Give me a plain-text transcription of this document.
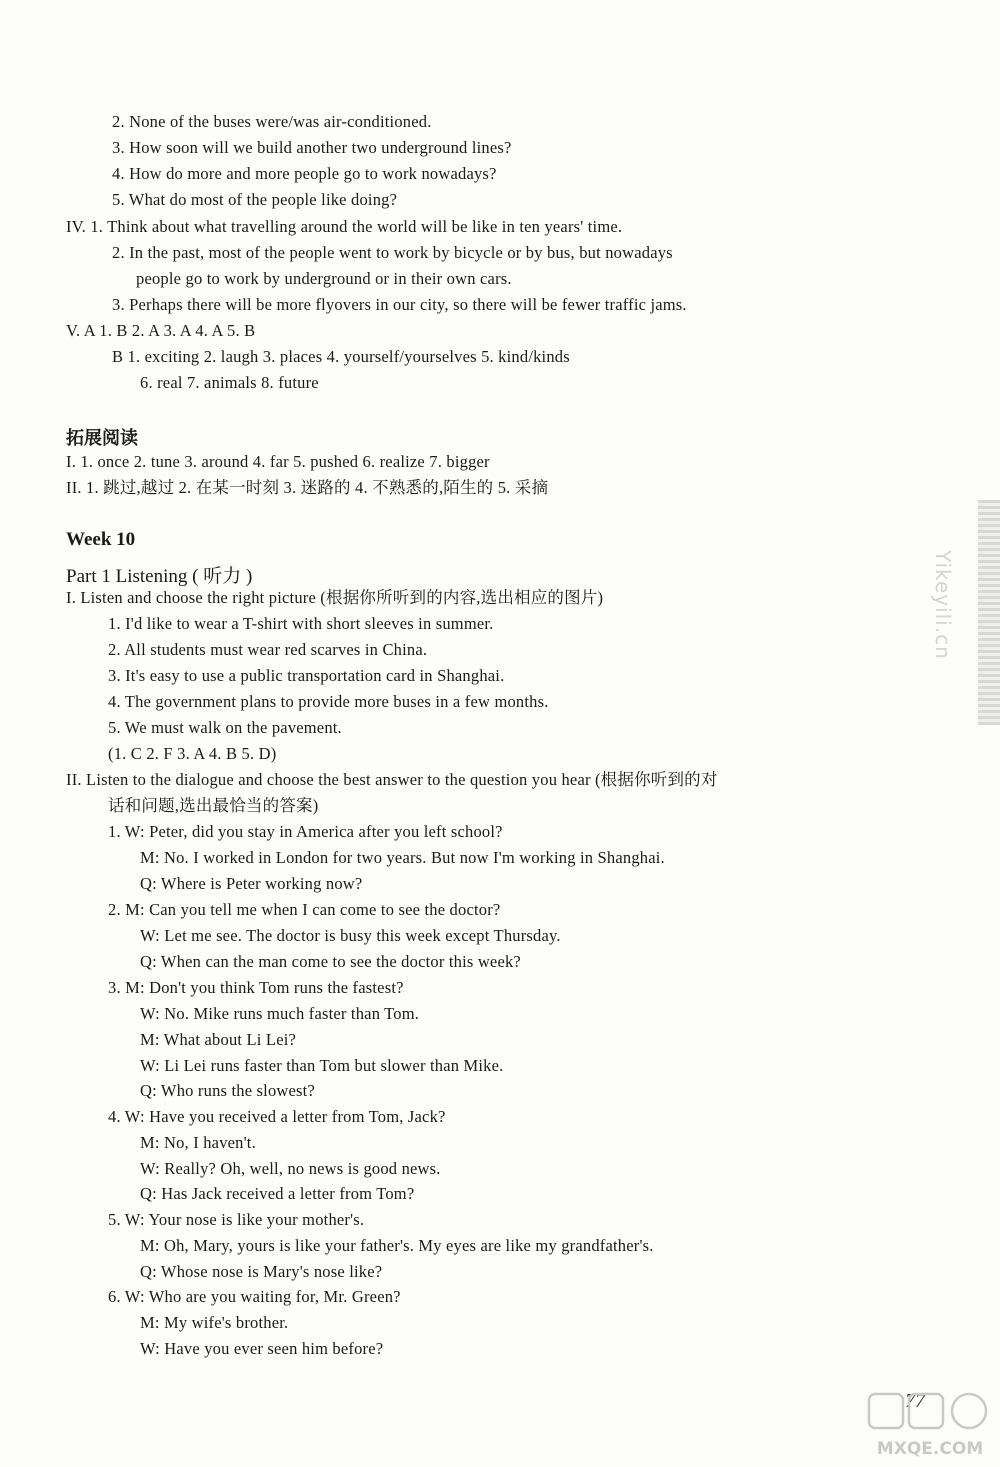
2. None of the buses were/was air-conditioned.
3. How soon will we build another two underground lines?
4. How do more and more people go to work nowadays?
5. What do most of the people like doing?
IV. 1. Think about what travelling around the world will be like in ten years' time.
2. In the past, most of the people went to work by bicycle or by bus, but nowadays
people go to work by underground or in their own cars.
3. Perhaps there will be more flyovers in our city, so there will be fewer traffic jams.
V. A 1. B 2. A 3. A 4. A 5. B
B 1. exciting 2. laugh 3. places 4. yourself/yourselves 5. kind/kinds
6. real 7. animals 8. future
拓展阅读
I. 1. once 2. tune 3. around 4. far 5. pushed 6. realize 7. bigger
II. 1. 跳过,越过 2. 在某一时刻 3. 迷路的 4. 不熟悉的,陌生的 5. 采摘
Week 10
Part 1 Listening ( 听力 )
I. Listen and choose the right picture (根据你所听到的内容,选出相应的图片)
1. I'd like to wear a T-shirt with short sleeves in summer.
2. All students must wear red scarves in China.
3. It's easy to use a public transportation card in Shanghai.
4. The government plans to provide more buses in a few months.
5. We must walk on the pavement.
(1. C 2. F 3. A 4. B 5. D)
II. Listen to the dialogue and choose the best answer to the question you hear (根据你听到的对
话和问题,选出最恰当的答案)
1. W: Peter, did you stay in America after you left school?
M: No. I worked in London for two years. But now I'm working in Shanghai.
Q: Where is Peter working now?
2. M: Can you tell me when I can come to see the doctor?
W: Let me see. The doctor is busy this week except Thursday.
Q: When can the man come to see the doctor this week?
3. M: Don't you think Tom runs the fastest?
W: No. Mike runs much faster than Tom.
M: What about Li Lei?
W: Li Lei runs faster than Tom but slower than Mike.
Q: Who runs the slowest?
4. W: Have you received a letter from Tom, Jack?
M: No, I haven't.
W: Really? Oh, well, no news is good news.
Q: Has Jack received a letter from Tom?
5. W: Your nose is like your mother's.
M: Oh, Mary, yours is like your father's. My eyes are like my grandfather's.
Q: Whose nose is Mary's nose like?
6. W: Who are you waiting for, Mr. Green?
M: My wife's brother.
W: Have you ever seen him before?
Yikeyili.cn
77
MXQE.COM
